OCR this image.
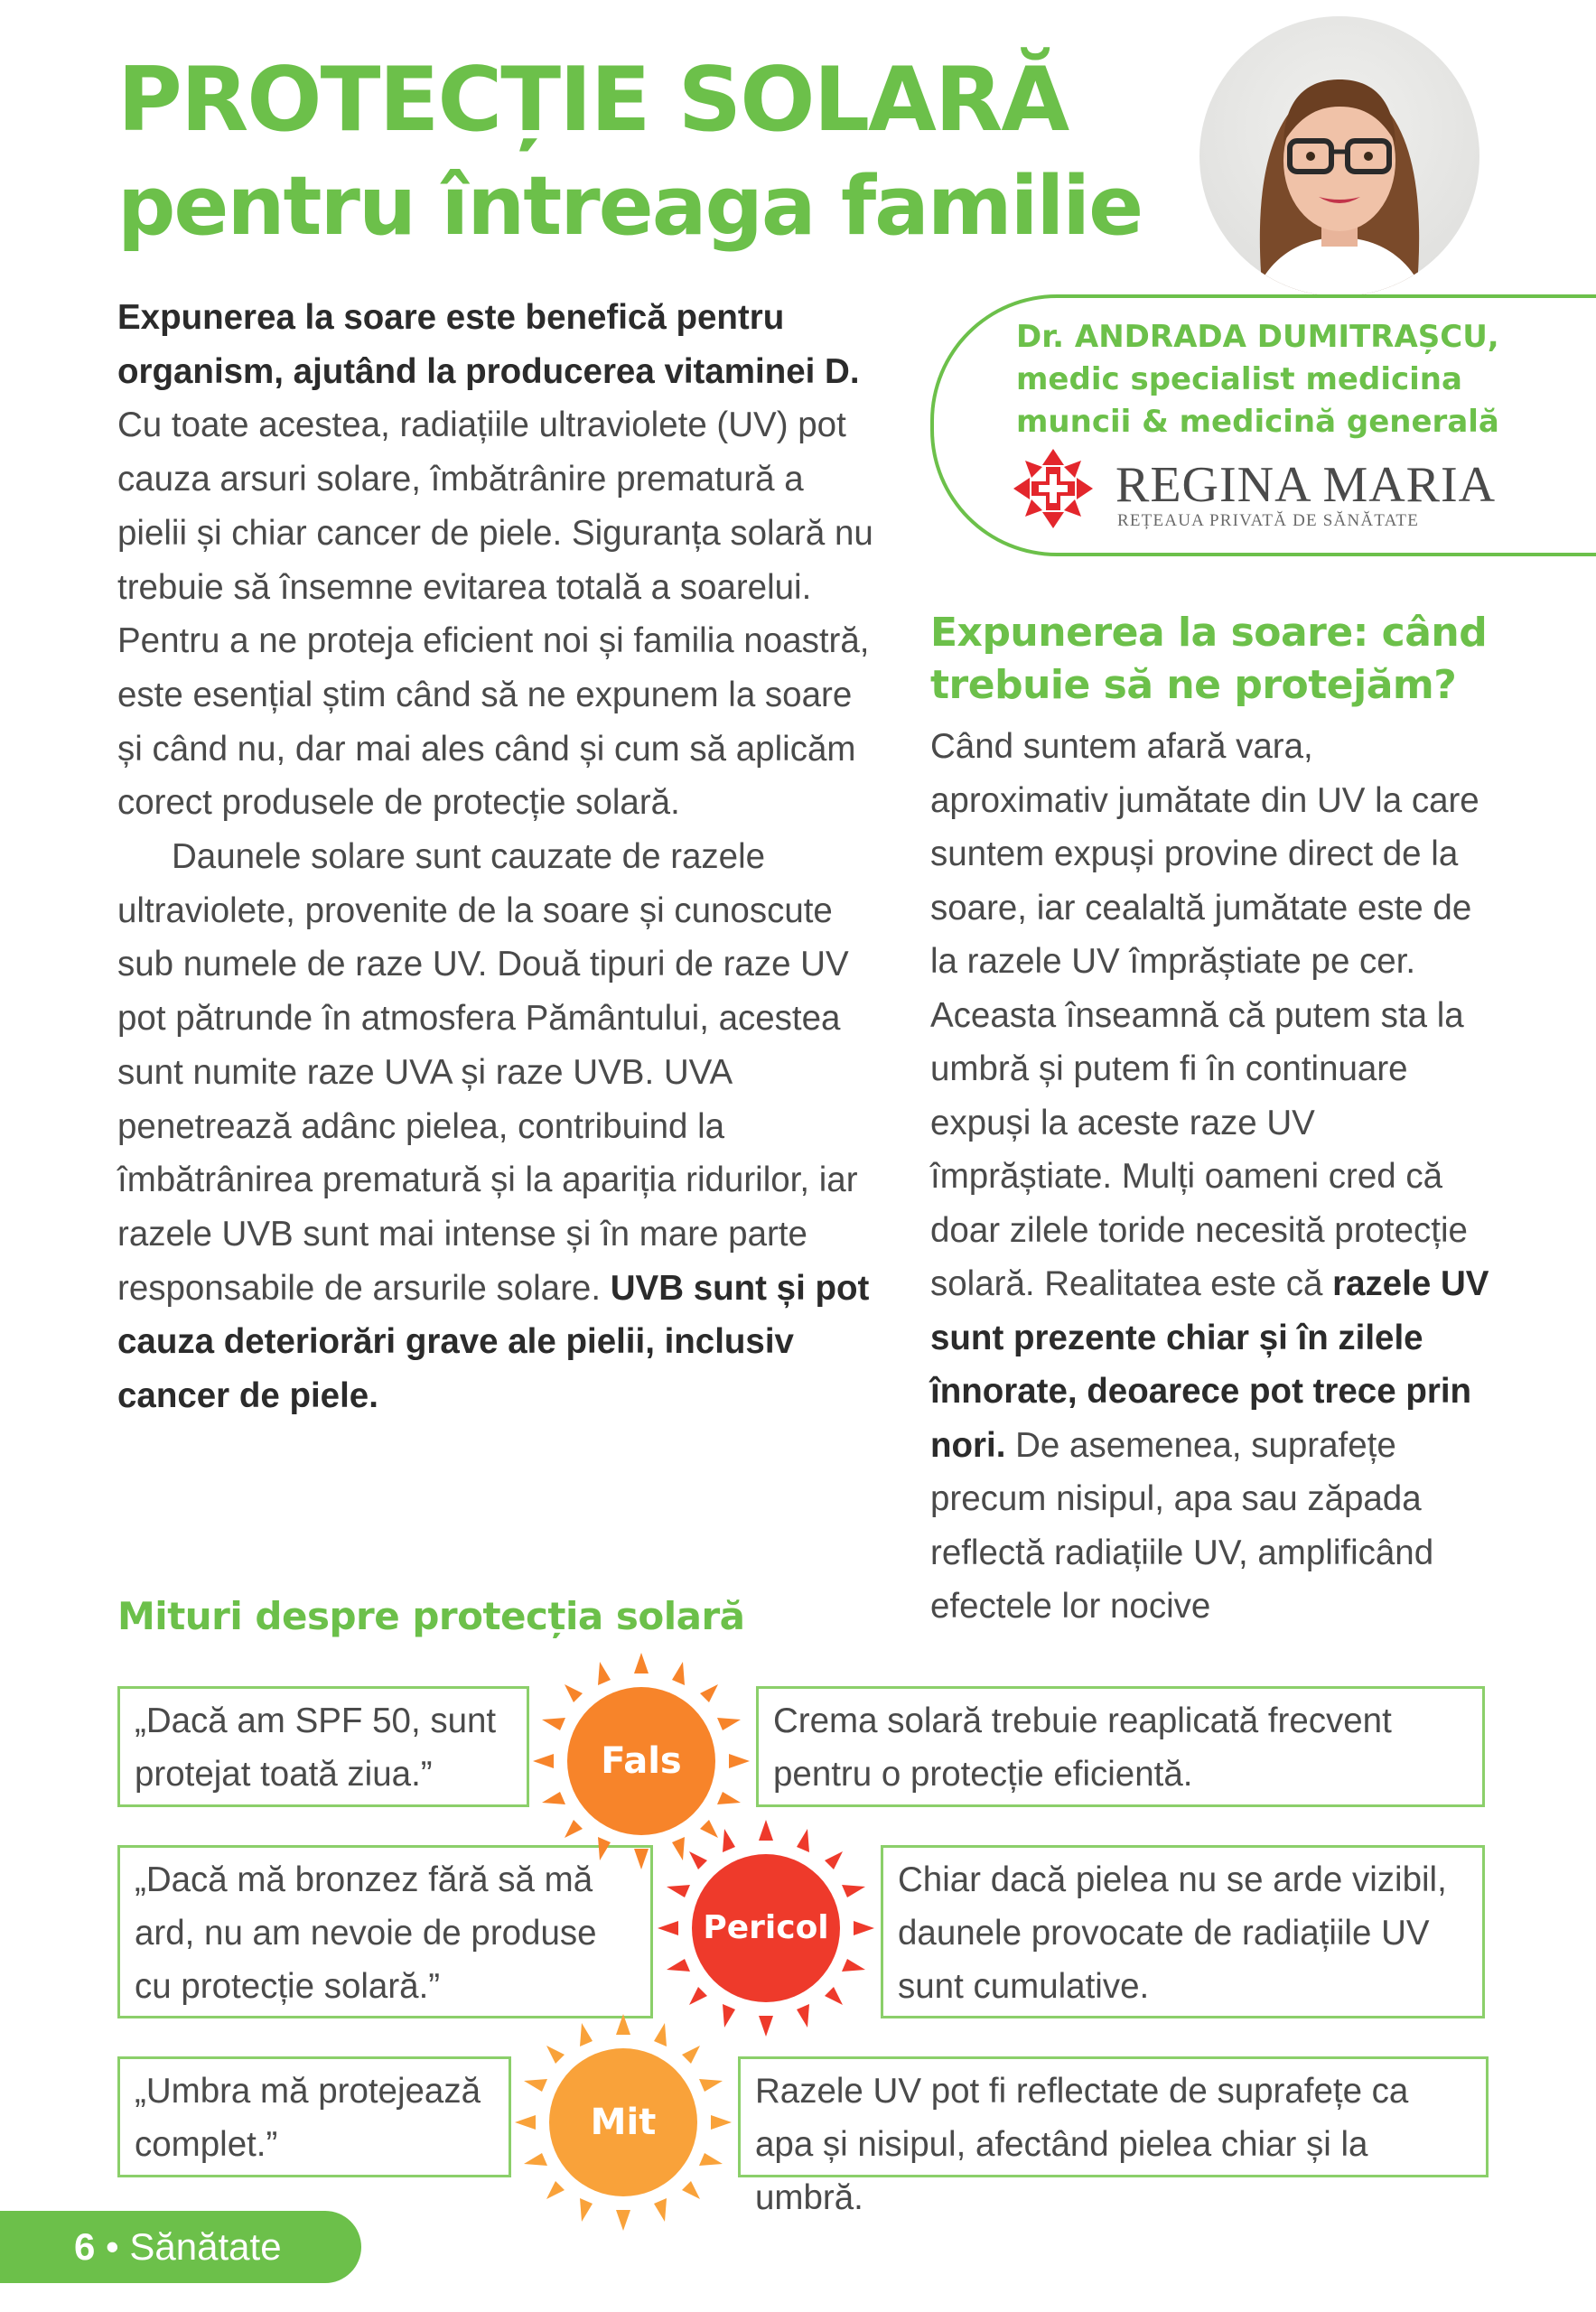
PROTECȚIE SOLARĂ
pentru întreaga familie
Dr. ANDRADA DUMITRAȘCU,
medic specialist medicina
muncii & medicină generală
REGINA MARIA
REȚEAUA PRIVATĂ DE SĂNĂTATE

Expunerea la soare este benefică pentru organism, ajutând la producerea vitaminei D. Cu toate acestea, radiațiile ultraviolete (UV) pot cauza arsuri solare, îmbătrânire prematură a pielii și chiar cancer de piele. Siguranța solară nu trebuie să însemne evitarea totală a soarelui. Pentru a ne proteja eficient noi și familia noastră, este esențial știm când să ne expunem la soare și când nu, dar mai ales când și cum să aplicăm corect produsele de protecție solară.

Daunele solare sunt cauzate de razele ultraviolete, provenite de la soare și cunoscute sub numele de raze UV. Două tipuri de raze UV pot pătrunde în atmosfera Pământului, acestea sunt numite raze UVA și raze UVB. UVA penetrează adânc pielea, contribuind la îmbătrânirea prematură și la apariția ridurilor, iar razele UVB sunt mai intense și în mare parte responsabile de arsurile solare. UVB sunt și pot cauza deteriorări grave ale pielii, inclusiv cancer de piele.

Expunerea la soare: când trebuie să ne protejăm?
Când suntem afară vara, aproximativ jumătate din UV la care suntem expuși provine direct de la soare, iar cealaltă jumătate este de la razele UV împrăștiate pe cer. Aceasta înseamnă că putem sta la umbră și putem fi în continuare expuși la aceste raze UV împrăștiate. Mulți oameni cred că doar zilele toride necesită protecție solară. Realitatea este că razele UV sunt prezente chiar și în zilele înnorate, deoarece pot trece prin nori. De asemenea, suprafețe precum nisipul, apa sau zăpada reflectă radiațiile UV, amplificând efectele lor nocive
Mituri despre protecția solară
„Dacă am SPF 50, sunt protejat toată ziua.”
Crema solară trebuie reaplicată frecvent pentru o protecție eficientă.
„Dacă mă bronzez fără să mă ard, nu am nevoie de produse cu protecție solară.”
Chiar dacă pielea nu se arde vizibil, daunele provocate de radiațiile UV sunt cumulative.
„Umbra mă protejează complet.”
Razele UV pot fi reflectate de suprafețe ca apa și nisipul, afectând pielea chiar și la umbră.
Fals
Pericol
Mit
6 • Sănătate
